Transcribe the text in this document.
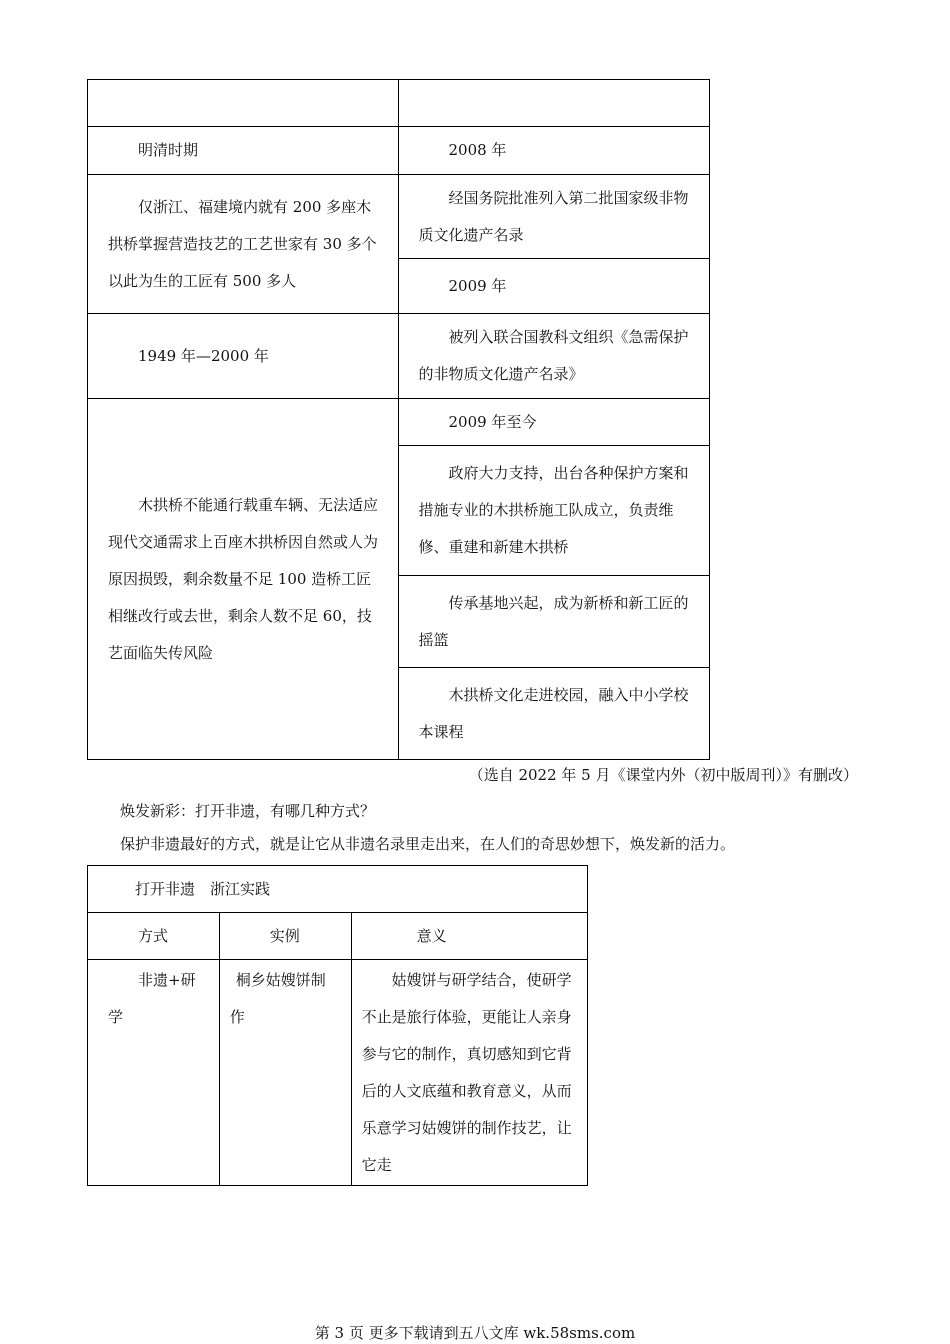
明清时期	2008 年

仅浙江、福建境内就有 200 多座木拱桥掌握营造技艺的工艺世家有 30 多个以此为生的工匠有 500 多人	经国务院批准列入第二批国家级非物质文化遗产名录

	2009 年

1949 年—2000 年	被列入联合国教科文组织《急需保护的非物质文化遗产名录》

木拱桥不能通行载重车辆、无法适应现代交通需求上百座木拱桥因自然或人为原因损毁，剩余数量不足 100 造桥工匠相继改行或去世，剩余人数不足 60，技艺面临失传风险	2009 年至今

	政府大力支持，出台各种保护方案和措施专业的木拱桥施工队成立，负责维修、重建和新建木拱桥

	传承基地兴起，成为新桥和新工匠的摇篮

	木拱桥文化走进校园，融入中小学校本课程
（选自 2022 年 5 月《课堂内外（初中版周刊）》有删改）
焕发新彩：打开非遗，有哪几种方式？
保护非遗最好的方式，就是让它从非遗名录里走出来，在人们的奇思妙想下，焕发新的活力。
打开非遗　浙江实践		

方式	实例	意义

非遗+研学	桐乡姑嫂饼制作	姑嫂饼与研学结合，使研学不止是旅行体验，更能让人亲身参与它的制作，真切感知到它背后的人文底蕴和教育意义，从而乐意学习姑嫂饼的制作技艺，让它走
第 3 页 更多下载请到五八文库 wk.58sms.com
